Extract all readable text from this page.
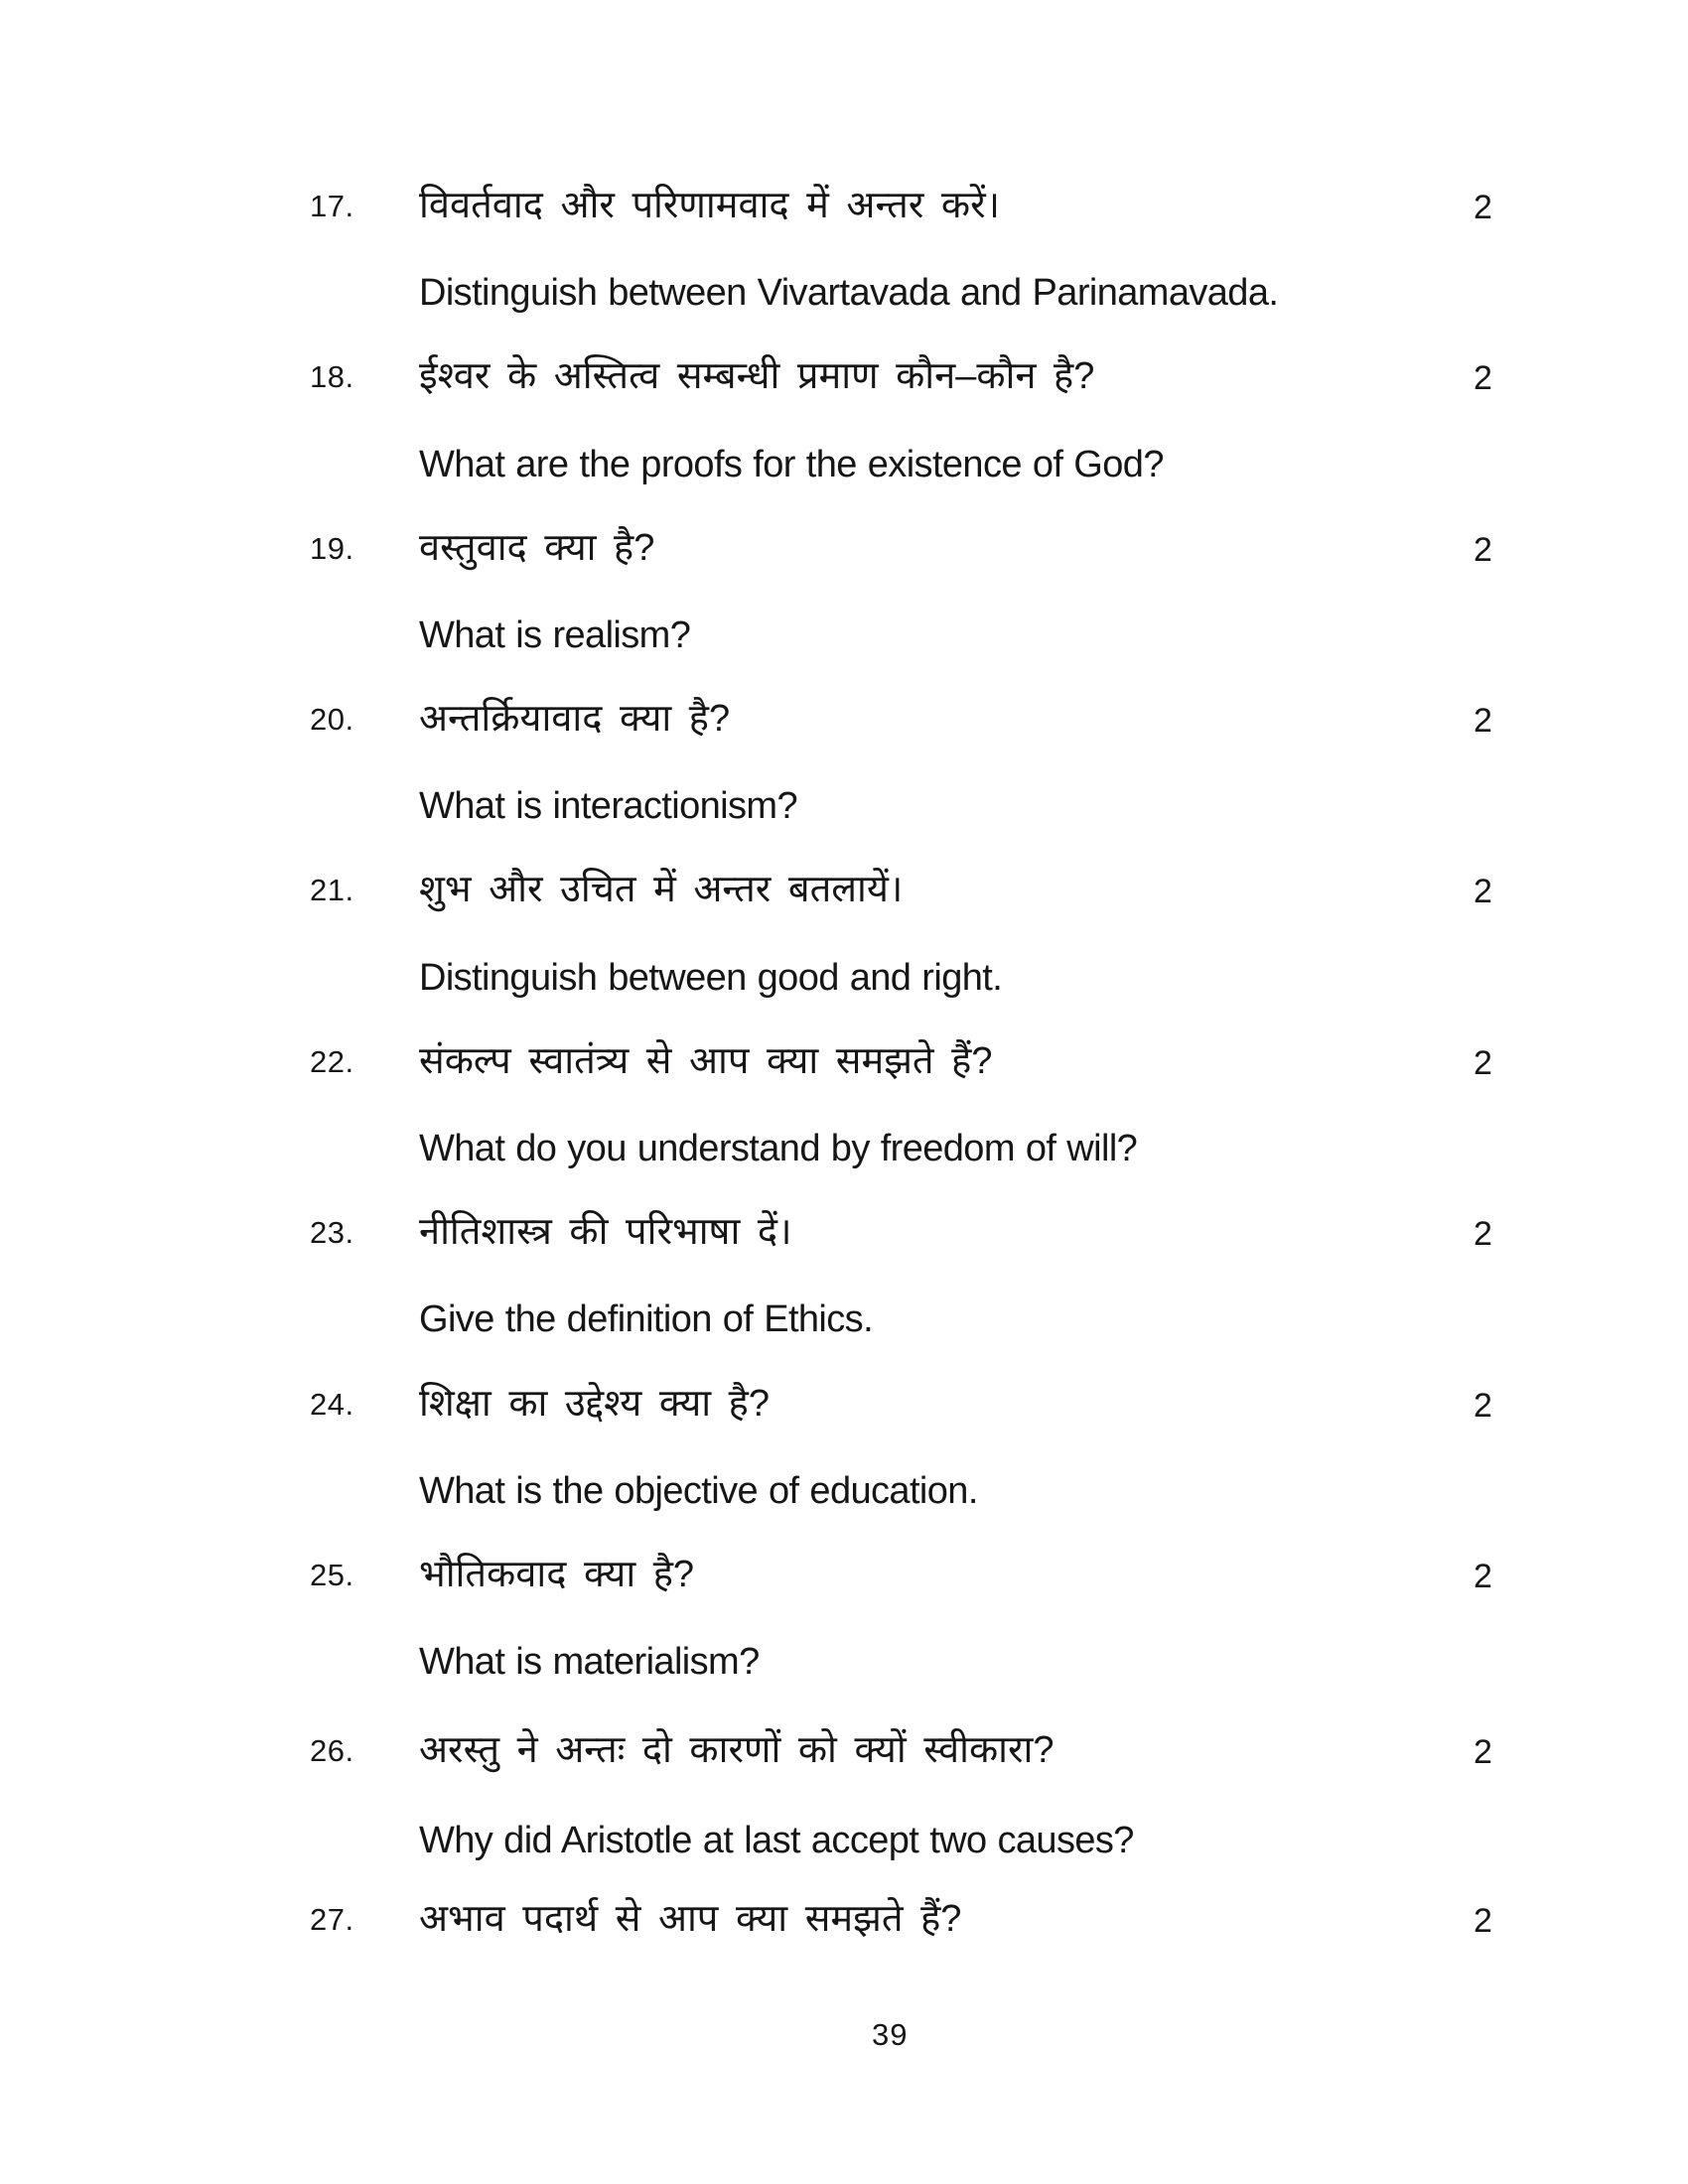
17. विवर्तवाद और परिणामवाद में अन्तर करें।	2
Distinguish between Vivartavada and Parinamavada.
18. ईश्वर के अस्तित्व सम्बन्धी प्रमाण कौन–कौन है?	2
What are the proofs for the existence of God?
19. वस्तुवाद क्या है?	2
What is realism?
20. अन्तर्क्रियावाद क्या है?	2
What is interactionism?
21. शुभ और उचित में अन्तर बतलायें।	2
Distinguish between good and right.
22. संकल्प स्वातंत्र्य से आप क्या समझते हैं?	2
What do you understand by freedom of will?
23. नीतिशास्त्र की परिभाषा दें।	2
Give the definition of Ethics.
24. शिक्षा का उद्देश्य क्या है?	2
What is the objective of education.
25. भौतिकवाद क्या है?	2
What is materialism?
26. अरस्तु ने अन्तः दो कारणों को क्यों स्वीकारा?	2
Why did Aristotle at last accept two causes?
27. अभाव पदार्थ से आप क्या समझते हैं?	2
39
